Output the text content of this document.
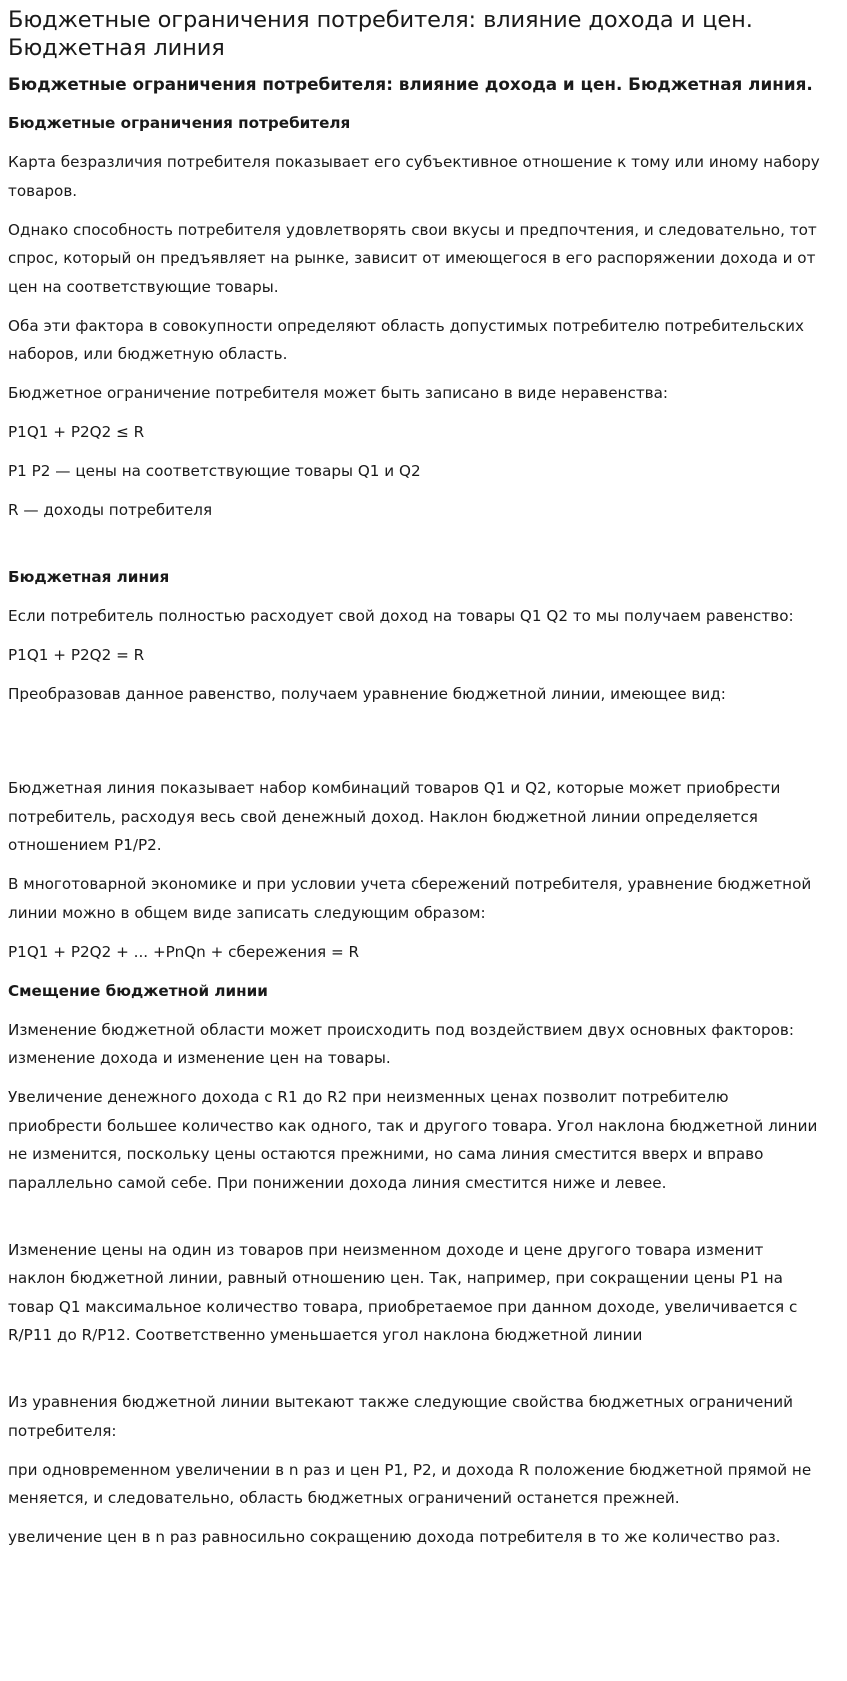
Бюджетные ограничения потребителя: влияние дохода и цен. Бюджетная линия
Бюджетные ограничения потребителя: влияние дохода и цен. Бюджетная линия.

Бюджетные ограничения потребителя

Карта безразличия потребителя показывает его субъективное отношение к тому или иному набору товаров.

Однако способность потребителя удовлетворять свои вкусы и предпочтения, и следовательно, тот спрос, который он предъявляет на рынке, зависит от имеющегося в его распоряжении дохода и от цен на соответствующие товары.

Оба эти фактора в совокупности определяют область допустимых потребителю потребительских наборов, или бюджетную область.

Бюджетное ограничение потребителя может быть записано в виде неравенства:

P1Q1 + P2Q2 ≤ R

P1 P2 — цены на соответствующие товары Q1 и Q2

R — доходы потребителя

Бюджетная линия

Если потребитель полностью расходует свой доход на товары Q1 Q2 то мы получаем равенство:

P1Q1 + P2Q2 = R

Преобразовав данное равенство, получаем уравнение бюджетной линии, имеющее вид:

Бюджетная линия показывает набор комбинаций товаров Q1 и Q2, которые может приобрести потребитель, расходуя весь свой денежный доход. Наклон бюджетной линии определяется отношением P1/P2.

В многотоварной экономике и при условии учета сбережений потребителя, уравнение бюджетной линии можно в общем виде записать следующим образом:

P1Q1 + P2Q2 + ... +PnQn + сбережения = R

Смещение бюджетной линии

Изменение бюджетной области может происходить под воздействием двух основных факторов: изменение дохода и изменение цен на товары.

Увеличение денежного дохода с R1 до R2 при неизменных ценах позволит потребителю приобрести большее количество как одного, так и другого товара. Угол наклона бюджетной линии не изменится, поскольку цены остаются прежними, но сама линия сместится вверх и вправо параллельно самой себе. При понижении дохода линия сместится ниже и левее.

Изменение цены на один из товаров при неизменном доходе и цене другого товара изменит наклон бюджетной линии, равный отношению цен. Так, например, при сокращении цены P1 на товар Q1 максимальное количество товара, приобретаемое при данном доходе, увеличивается с R/P11 до R/P12. Соответственно уменьшается угол наклона бюджетной линии

Из уравнения бюджетной линии вытекают также следующие свойства бюджетных ограничений потребителя:

при одновременном увеличении в n раз и цен P1, P2, и дохода R положение бюджетной прямой не меняется, и следовательно, область бюджетных ограничений останется прежней.

увеличение цен в n раз равносильно сокращению дохода потребителя в то же количество раз.
